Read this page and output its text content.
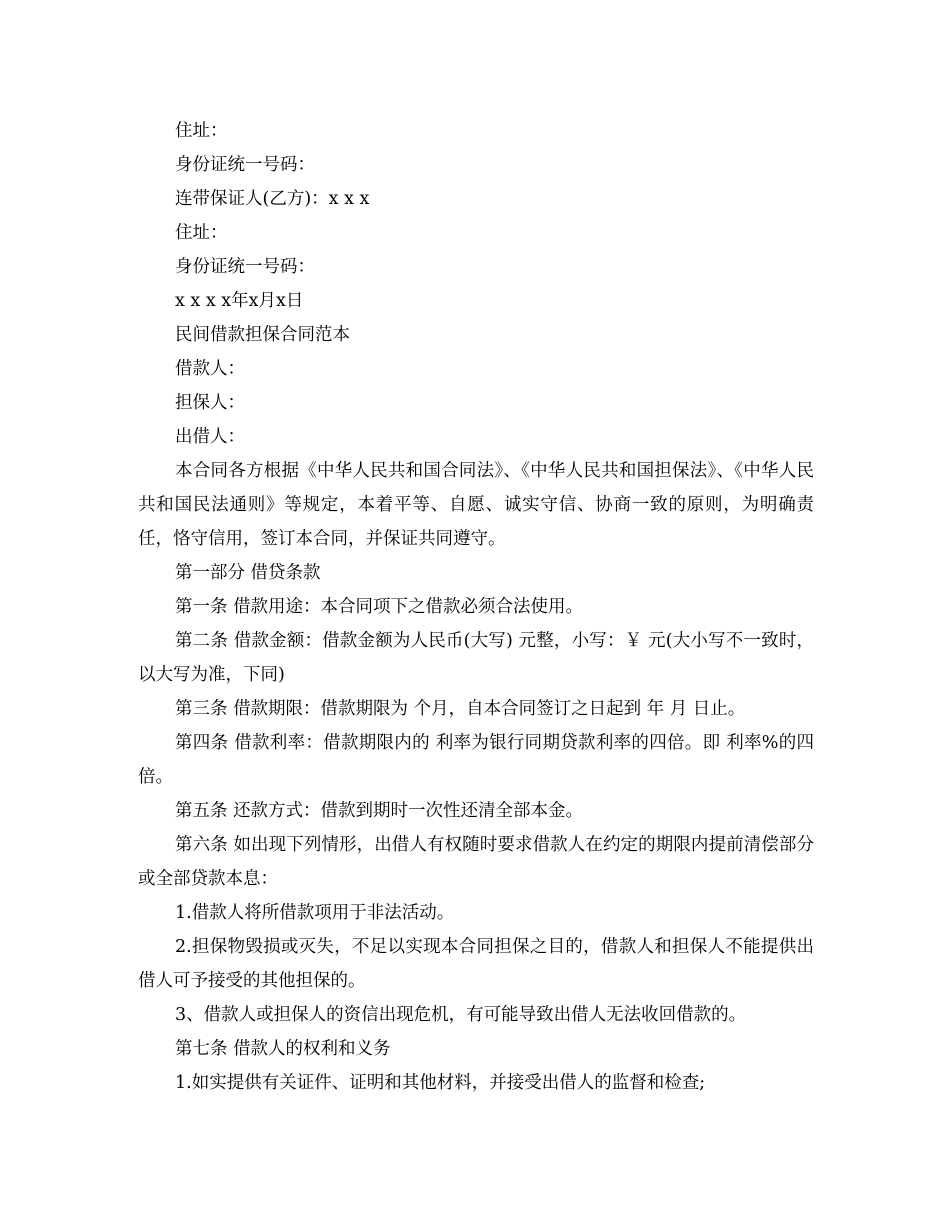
住址：

身份证统一号码：

连带保证人(乙方)：x x x

住址：

身份证统一号码：

x x x x年x月x日

民间借款担保合同范本

借款人：

担保人：

出借人：

本合同各方根据《中华人民共和国合同法》、《中华人民共和国担保法》、《中华人民共和国民法通则》等规定，本着平等、自愿、诚实守信、协商一致的原则，为明确责任，恪守信用，签订本合同，并保证共同遵守。

第一部分 借贷条款

第一条 借款用途：本合同项下之借款必须合法使用。

第二条 借款金额：借款金额为人民币(大写) 元整，小写：￥ 元(大小写不一致时，以大写为准，下同)

第三条 借款期限：借款期限为 个月，自本合同签订之日起到 年 月 日止。

第四条 借款利率：借款期限内的 利率为银行同期贷款利率的四倍。即 利率%的四倍。

第五条 还款方式：借款到期时一次性还清全部本金。

第六条 如出现下列情形，出借人有权随时要求借款人在约定的期限内提前清偿部分或全部贷款本息：

1.借款人将所借款项用于非法活动。

2.担保物毁损或灭失，不足以实现本合同担保之目的，借款人和担保人不能提供出借人可予接受的其他担保的。

3、借款人或担保人的资信出现危机，有可能导致出借人无法收回借款的。

第七条 借款人的权利和义务

1.如实提供有关证件、证明和其他材料，并接受出借人的监督和检查;
